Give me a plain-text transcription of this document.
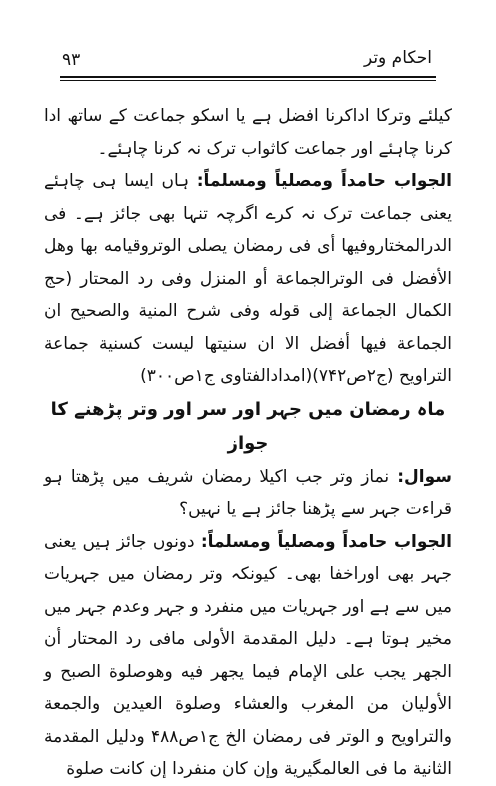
٩٣	احکام وتر

کیلئے وترکا اداکرنا افضل ہے یا اسکو جماعت کے ساتھ ادا کرنا چاہئے اور جماعت کاثواب ترک نہ کرنا چاہئے۔

الجواب حامداً ومصلیاً ومسلماً: ہاں ایسا ہی چاہئے یعنی جماعت ترک نہ کرے اگرچہ تنہا بھی جائز ہے۔ فی الدرالمختاروفیها أی فی رمضان یصلی الوتروقیامه بها وهل الأفضل فی الوترالجماعة أو المنزل وفی رد المحتار (حج الکمال الجماعة إلی قوله وفی شرح المنیة والصحیح ان الجماعة فیها أفضل الا ان سنیتها لیست کسنیة جماعة التراویح (ج۲ص۷۴۲)(امدادالفتاوی ج۱ص۳۰۰)

ماہ رمضان میں جہر اور سر اور وتر پڑھنے کا جواز

سوال: نماز وتر جب اکیلا رمضان شریف میں پڑھتا ہو قراءت جہر سے پڑھنا جائز ہے یا نہیں؟

الجواب حامداً ومصلیاً ومسلماً: دونوں جائز ہیں یعنی جہر بھی اوراخفا بھی۔ کیونکہ وتر رمضان میں جہریات میں سے ہے اور جہریات میں منفرد و جہر وعدم جہر میں مخیر ہوتا ہے۔ دلیل المقدمة الأولی مافی رد المحتار أن الجهر یجب علی الإمام فیما یجهر فیه وهوصلوة الصبح و الأولیان من المغرب والعشاء وصلوة العیدین والجمعة والتراویح و الوتر فی رمضان الخ ج۱ص۴۸۸ ودلیل المقدمة الثانیة ما فی العالمگیریة وإن کان منفردا إن کانت صلوة
